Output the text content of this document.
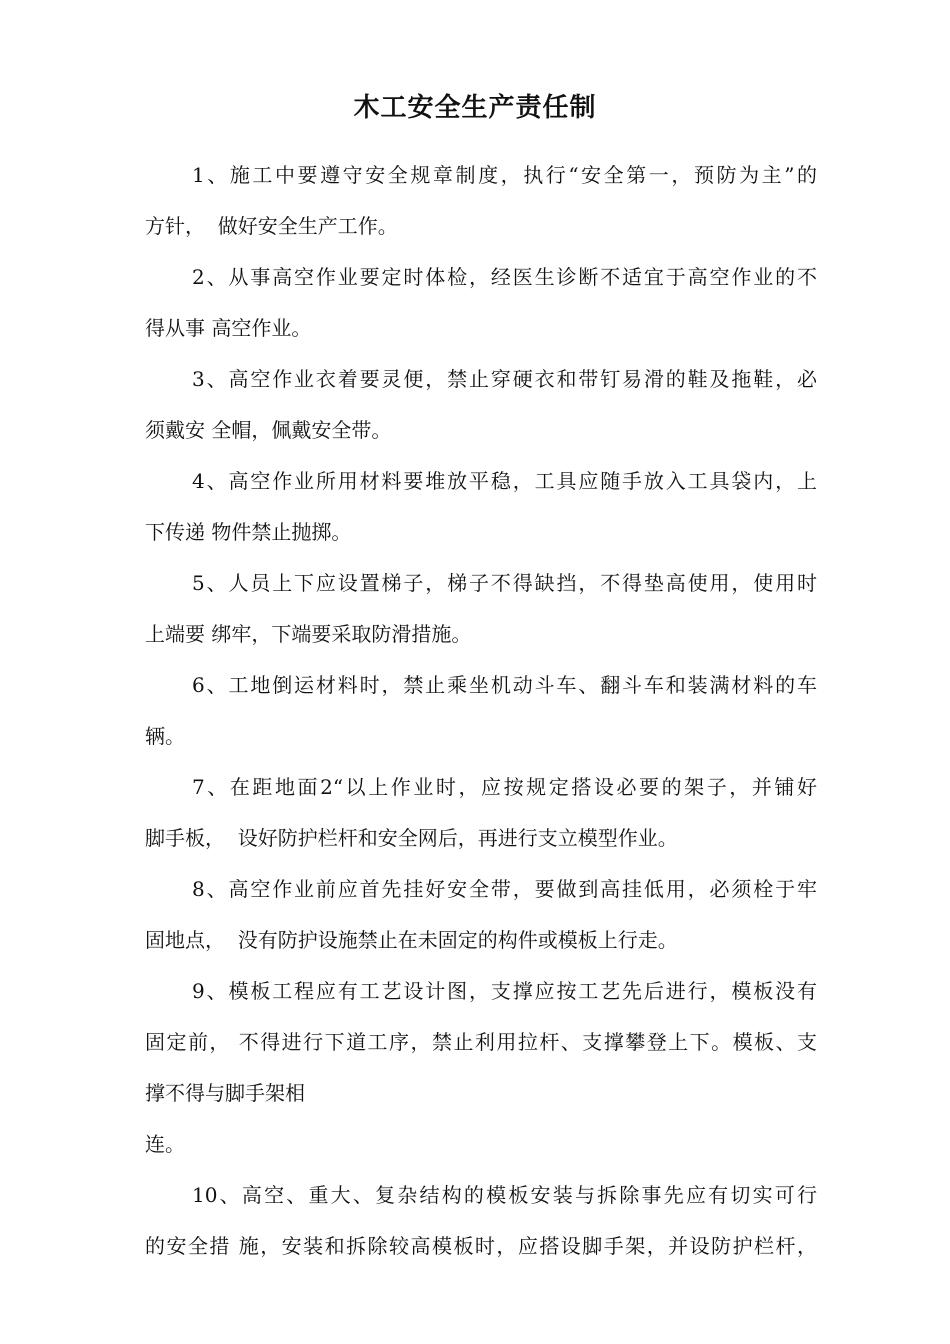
木工安全生产责任制
1、施工中要遵守安全规章制度，执行“安全第一，预防为主”的
方针，  做好安全生产工作。
2、从事高空作业要定时体检，经医生诊断不适宜于高空作业的不
得从事 高空作业。
3、高空作业衣着要灵便，禁止穿硬衣和带钉易滑的鞋及拖鞋，必
须戴安 全帽，佩戴安全带。
4、高空作业所用材料要堆放平稳，工具应随手放入工具袋内，上
下传递 物件禁止抛掷。
5、人员上下应设置梯子，梯子不得缺挡，不得垫高使用，使用时
上端要 绑牢，下端要采取防滑措施。
6、工地倒运材料时，禁止乘坐机动斗车、翻斗车和装满材料的车
辆。
7、在距地面2“以上作业时，应按规定搭设必要的架子，并铺好
脚手板，  设好防护栏杆和安全网后，再进行支立模型作业。
8、高空作业前应首先挂好安全带，要做到高挂低用，必须栓于牢
固地点，  没有防护设施禁止在未固定的构件或模板上行走。
9、模板工程应有工艺设计图，支撑应按工艺先后进行，模板没有
固定前， 不得进行下道工序，禁止利用拉杆、支撑攀登上下。模板、支
撑不得与脚手架相
连。
10、高空、重大、复杂结构的模板安装与拆除事先应有切实可行
的安全措 施，安装和拆除较高模板时，应搭设脚手架，并设防护栏杆，
